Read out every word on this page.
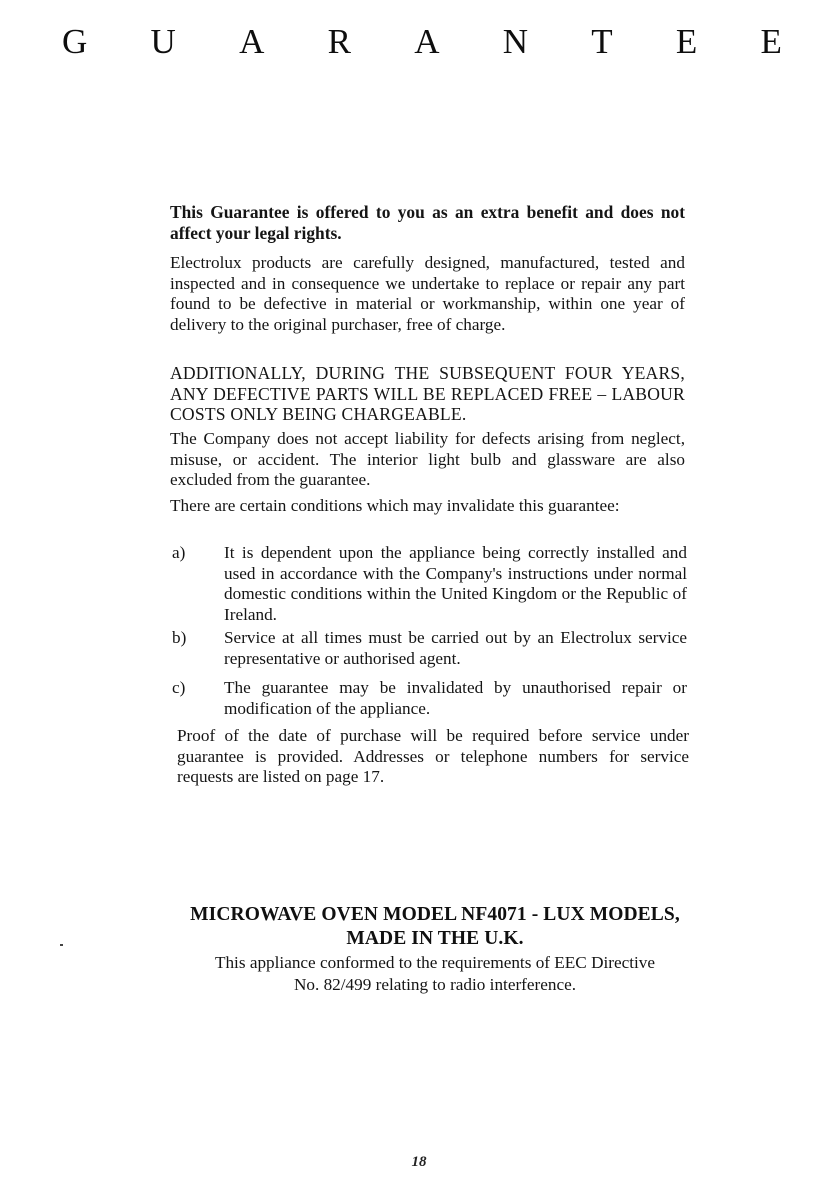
G U A R A N T E E
This Guarantee is offered to you as an extra benefit and does not affect your legal rights.
Electrolux products are carefully designed, manufactured, tested and inspected and in consequence we undertake to replace or repair any part found to be defective in material or workmanship, within one year of delivery to the original purchaser, free of charge.
ADDITIONALLY, DURING THE SUBSEQUENT FOUR YEARS, ANY DEFECTIVE PARTS WILL BE REPLACED FREE – LABOUR COSTS ONLY BEING CHARGEABLE.
The Company does not accept liability for defects arising from neglect, misuse, or accident. The interior light bulb and glassware are also excluded from the guarantee.
There are certain conditions which may invalidate this guarantee:
a) It is dependent upon the appliance being correctly installed and used in accordance with the Company's instructions under normal domestic conditions within the United Kingdom or the Republic of Ireland.
b) Service at all times must be carried out by an Electrolux service representative or authorised agent.
c) The guarantee may be invalidated by unauthorised repair or modification of the appliance.
Proof of the date of purchase will be required before service under guarantee is provided. Addresses or telephone numbers for service requests are listed on page 17.
MICROWAVE OVEN MODEL NF4071 - LUX MODELS,
MADE IN THE U.K.
This appliance conformed to the requirements of EEC Directive
No. 82/499 relating to radio interference.
18
